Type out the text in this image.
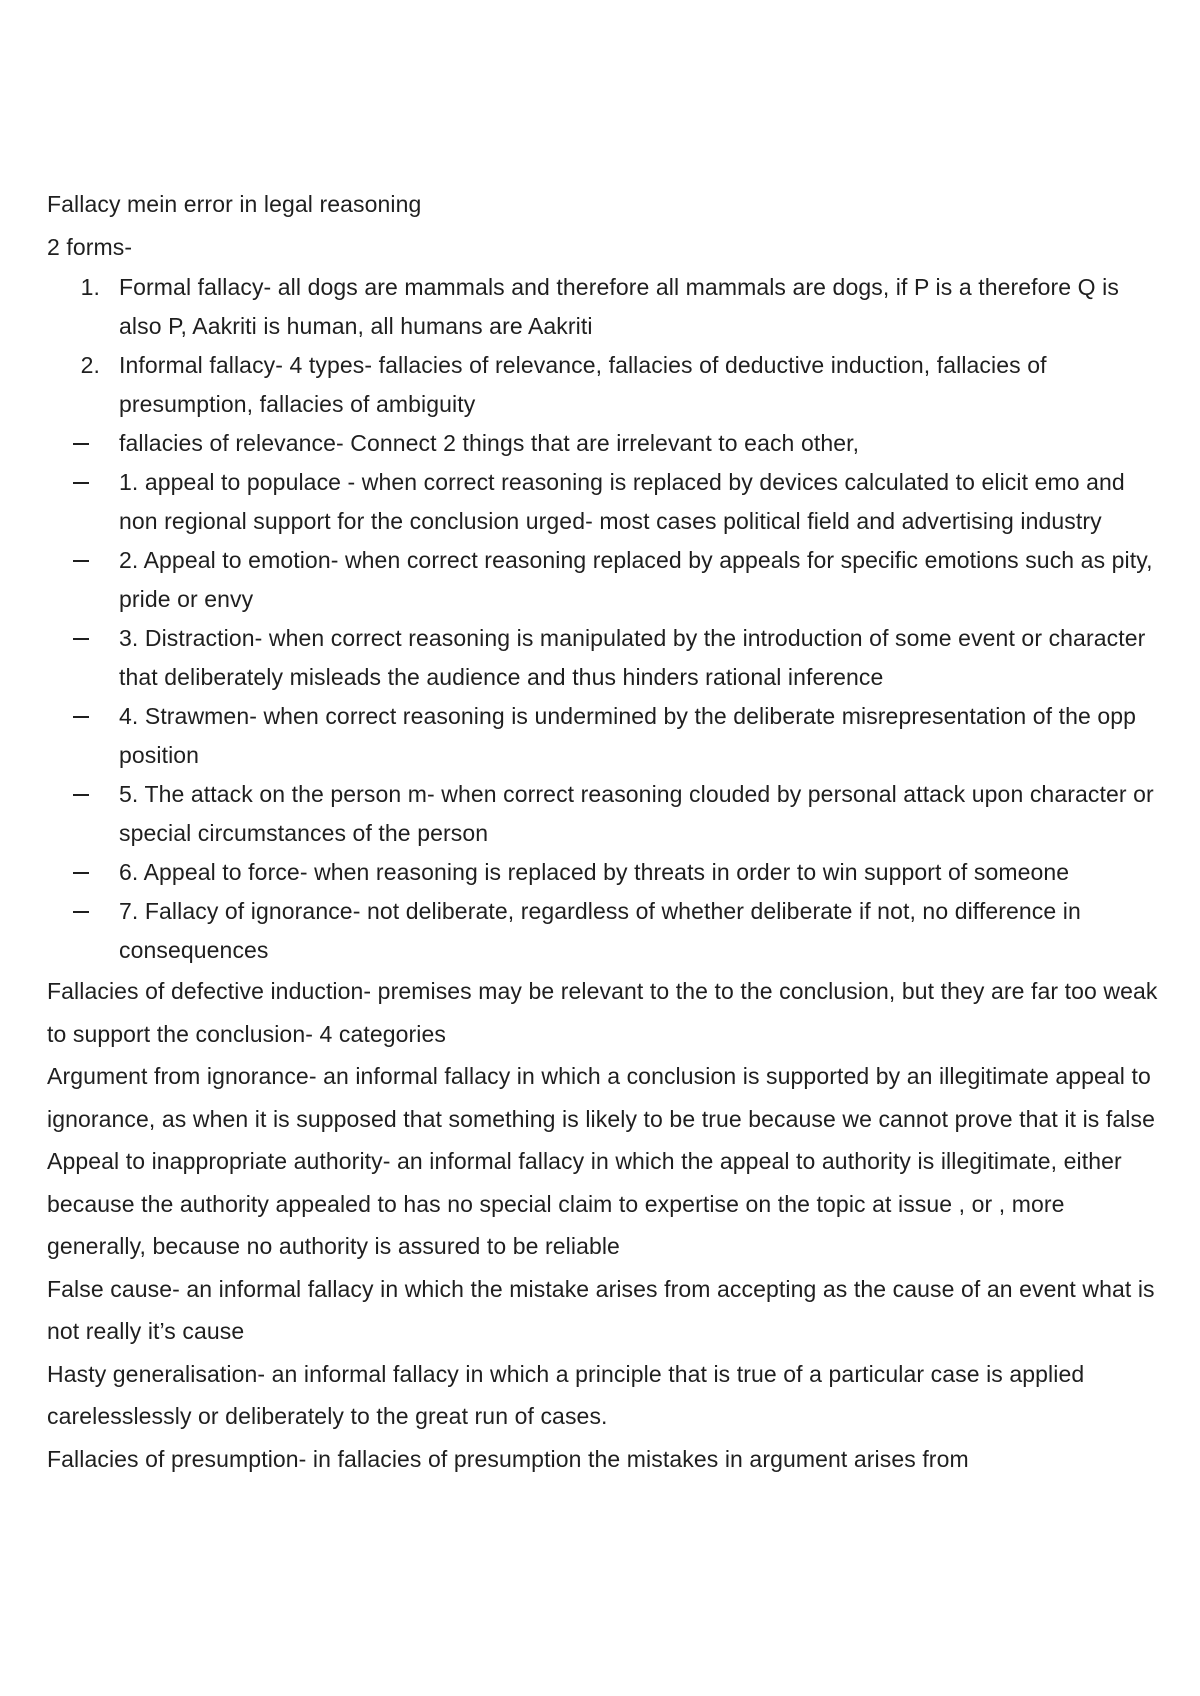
Fallacy mein error in legal reasoning

2 forms-

1. Formal fallacy- all dogs are mammals and therefore all mammals are dogs, if P is a therefore Q is also P, Aakriti is human, all humans are Aakriti
2. Informal fallacy- 4 types- fallacies of relevance, fallacies of deductive induction, fallacies of presumption, fallacies of ambiguity
fallacies of relevance- Connect 2 things that are irrelevant to each other,
1. appeal to populace - when correct reasoning is replaced by devices calculated to elicit emo and non regional support for the conclusion urged- most cases political field and advertising industry
2. Appeal to emotion- when correct reasoning replaced by appeals for specific emotions such as pity, pride or envy
3. Distraction- when correct reasoning is manipulated by the introduction of some event or character that deliberately misleads the audience and thus hinders rational inference
4. Strawmen- when correct reasoning is undermined by the deliberate misrepresentation of the opp position
5. The attack on the person m- when correct reasoning clouded by personal attack upon character or special circumstances of the person
6. Appeal to force- when reasoning is replaced by threats in order to win support of someone
7. Fallacy of ignorance- not deliberate, regardless of whether deliberate if not, no difference in consequences

Fallacies of defective induction- premises may be relevant to the to the conclusion, but they are far too weak to support the conclusion- 4 categories

Argument from ignorance- an informal fallacy in which a conclusion is supported by an illegitimate appeal to ignorance, as when it is supposed that something is likely to be true because we cannot prove that it is false

Appeal to inappropriate authority- an informal fallacy in which the appeal to authority is illegitimate, either because the authority appealed to has no special claim to expertise on the topic at issue , or , more generally, because no authority is assured to be reliable

False cause- an informal fallacy in which the mistake arises from accepting as the cause of an event what is not really it’s cause

Hasty generalisation- an informal fallacy in which a principle that is true of a particular case is applied carelesslessly or deliberately to the great run of cases.

Fallacies of presumption- in fallacies of presumption the mistakes in argument arises from
